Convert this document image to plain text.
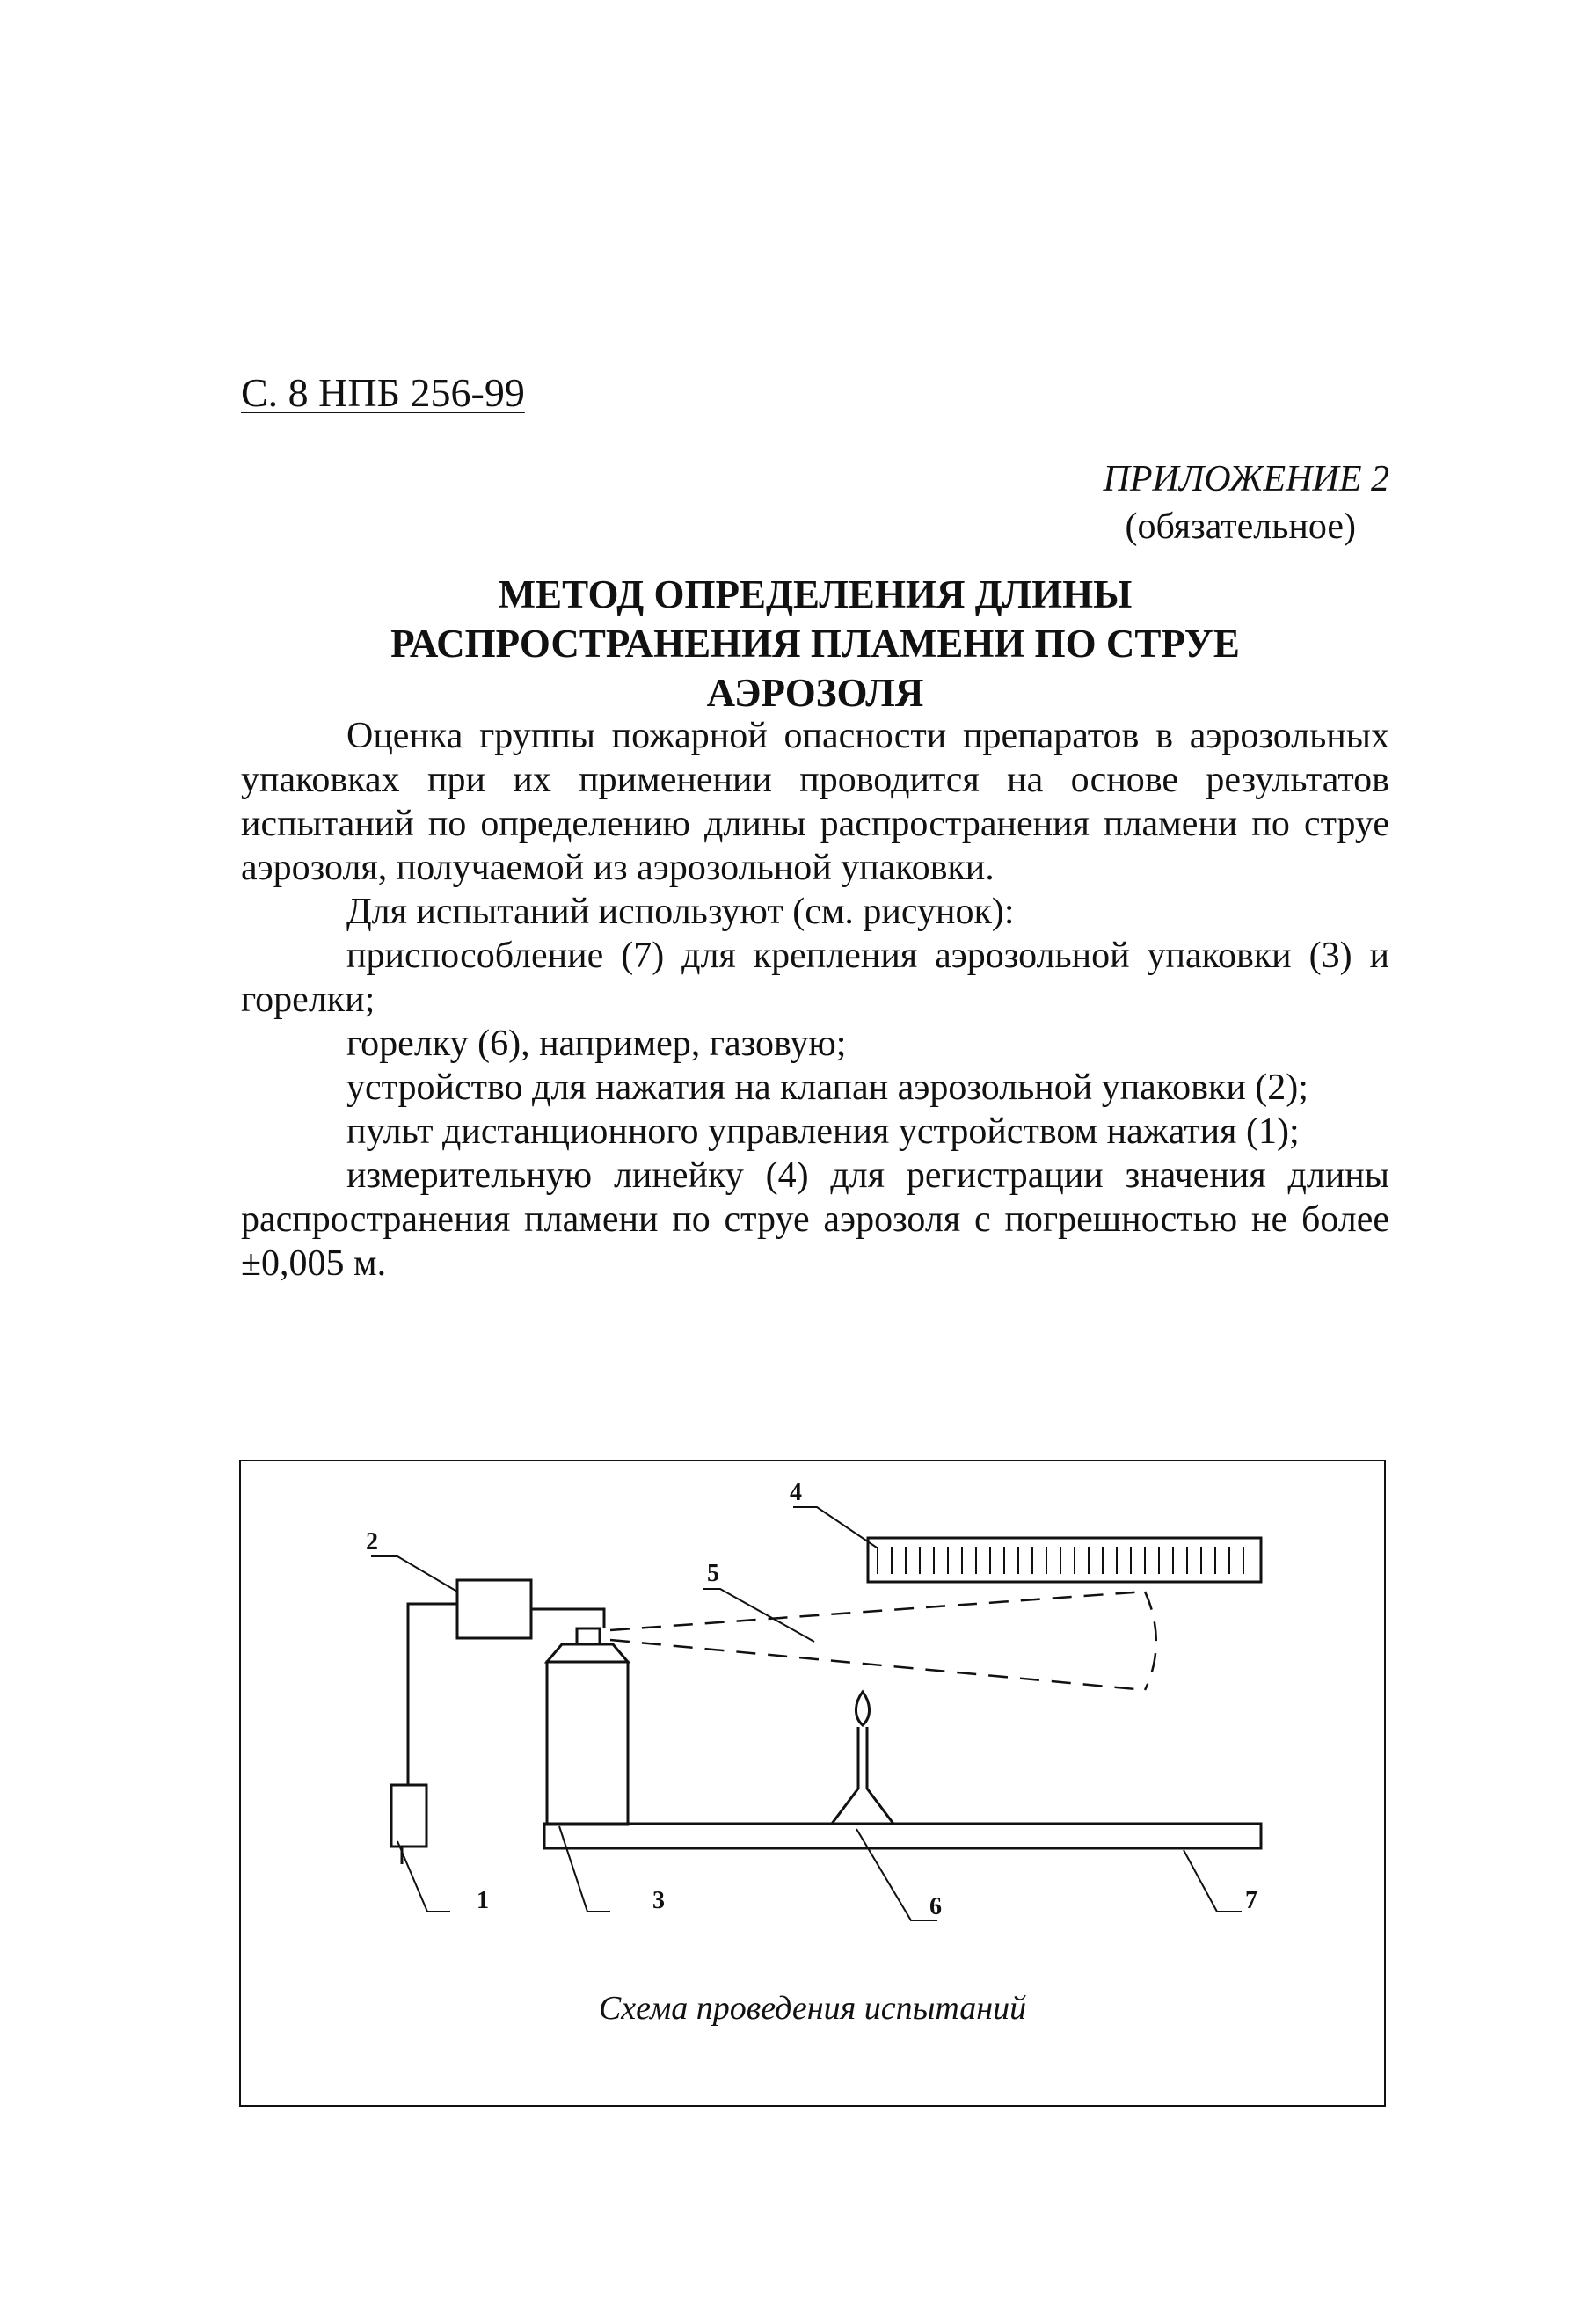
С. 8 НПБ 256-99
ПРИЛОЖЕНИЕ 2
(обязательное)
МЕТОД ОПРЕДЕЛЕНИЯ ДЛИНЫ
РАСПРОСТРАНЕНИЯ ПЛАМЕНИ ПО СТРУЕ
АЭРОЗОЛЯ

Оценка группы пожарной опасности препаратов в аэрозольных упаковках при их применении проводится на основе результатов испытаний по определению длины распространения пламени по струе аэрозоля, получаемой из аэрозольной упаковки.

Для испытаний используют (см. рисунок):

приспособление (7) для крепления аэрозольной упаковки (3) и горелки;

горелку (6), например, газовую;

устройство для нажатия на клапан аэрозольной упаковки (2);

пульт дистанционного управления устройством нажатия (1);

измерительную линейку (4) для регистрации значения длины распространения пламени по струе аэрозоля с погрешностью не более ±0,005 м.

2
1	3
4
5
6	7
Схема проведения испытаний
